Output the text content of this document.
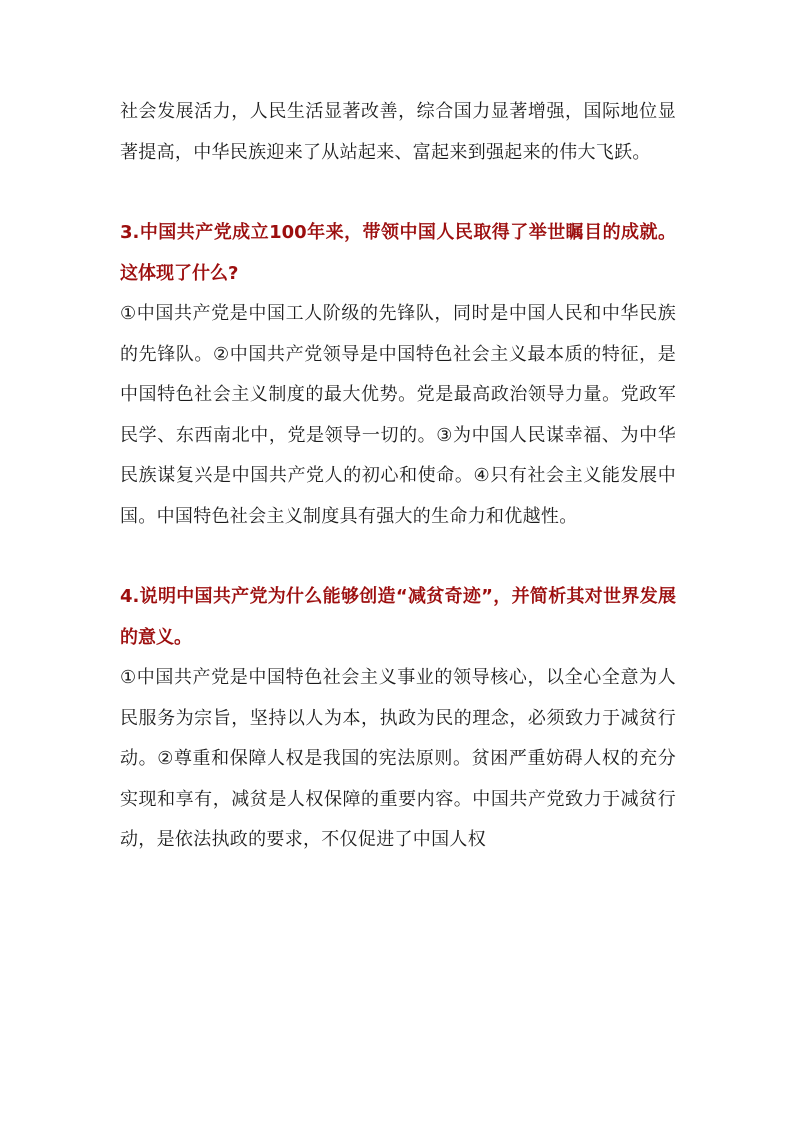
社会发展活力，人民生活显著改善，综合国力显著增强，国际地位显著提高，中华民族迎来了从站起来、富起来到强起来的伟大飞跃。

3.中国共产党成立100年来，带领中国人民取得了举世瞩目的成就。这体现了什么?

①中国共产党是中国工人阶级的先锋队，同时是中国人民和中华民族的先锋队。②中国共产党领导是中国特色社会主义最本质的特征，是中国特色社会主义制度的最大优势。党是最高政治领导力量。党政军民学、东西南北中，党是领导一切的。③为中国人民谋幸福、为中华民族谋复兴是中国共产党人的初心和使命。④只有社会主义能发展中国。中国特色社会主义制度具有强大的生命力和优越性。

4.说明中国共产党为什么能够创造“减贫奇迹”，并简析其对世界发展的意义。

①中国共产党是中国特色社会主义事业的领导核心，以全心全意为人民服务为宗旨，坚持以人为本，执政为民的理念，必须致力于减贫行动。②尊重和保障人权是我国的宪法原则。贫困严重妨碍人权的充分实现和享有，减贫是人权保障的重要内容。中国共产党致力于减贫行动，是依法执政的要求，不仅促进了中国人权
